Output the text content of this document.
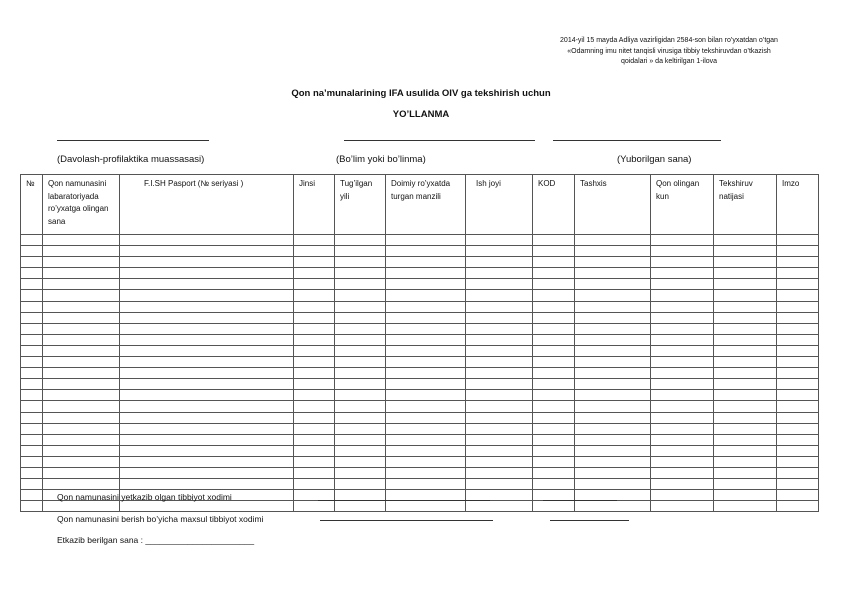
2014-yil 15 mayda Adliya vazirligidan 2584-son bilan ro’yxatdan o’tgan
«Odamning imu nitet tanqisli virusiga tibbiy tekshiruvdan o’tkazish
qoidalari » da keltirilgan 1-ilova
Qon na’munalarining IFA usulida OIV ga tekshirish uchun
YO’LLANMA
(Davolash-profilaktika muassasasi)	(Bo’lim yoki bo’linma)	(Yuborilgan sana)
№	Qon namunasini labaratoriyada ro’yxatga olingan sana	F.I.SH Pasport (№ seriyasi )	Jinsi	Tug’ilgan yili	Doimiy ro’yxatda turgan manzili	Ish joyi	KOD	Tashxis	Qon olingan kun	Tekshiruv natijasi	Imzo

Qon namunasini yetkazib olgan tibbiyot xodimi
Qon namunasini berish bo’yicha maxsul tibbiyot xodimi
Etkazib berilgan sana : _______________________
